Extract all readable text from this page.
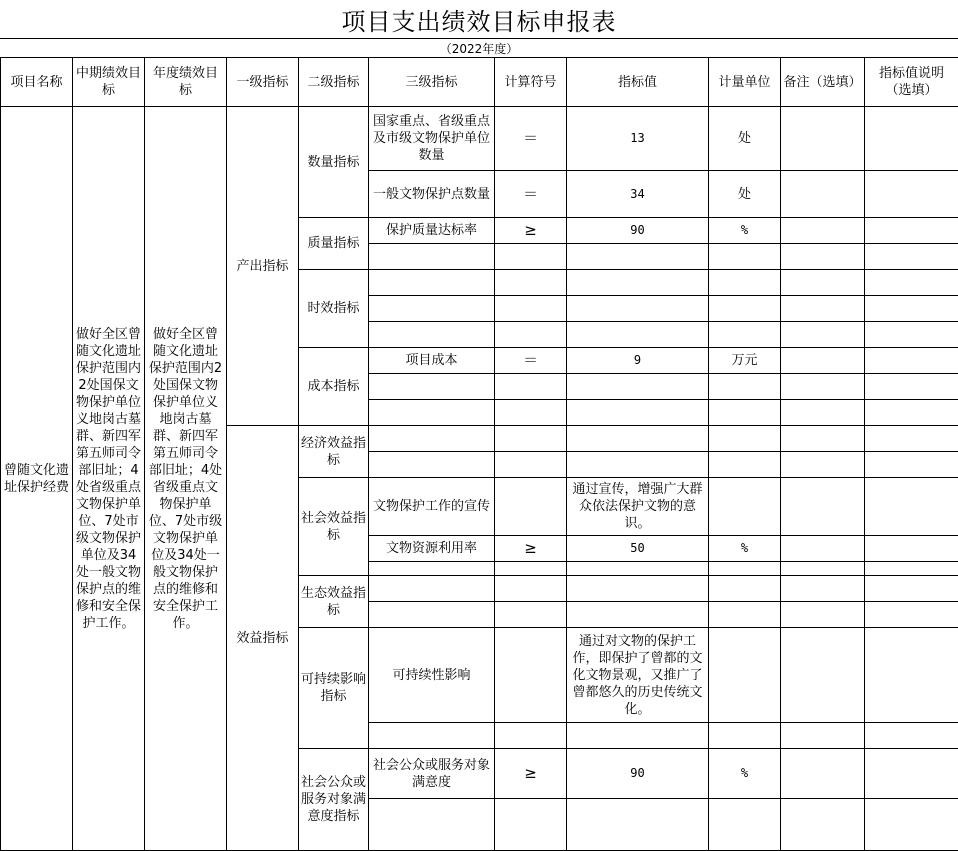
项目支出绩效目标申报表
（2022年度）
项目名称	中期绩效目标	年度绩效目标	一级指标	二级指标	三级指标	计算符号	指标值	计量单位	备注（选填）	指标值说明（选填）
曾随文化遗址保护经费	做好全区曾随文化遗址保护范围内2处国保文物保护单位义地岗古墓群、新四军第五师司令部旧址；4处省级重点文物保护单位、7处市级文物保护单位及34处一般文物保护点的维修和安全保护工作。	做好全区曾随文化遗址保护范围内2处国保文物保护单位义地岗古墓群、新四军第五师司令部旧址；4处省级重点文物保护单位、7处市级文物保护单位及34处一般文物保护点的维修和安全保护工作。	产出指标	数量指标	国家重点、省级重点及市级文物保护单位数量	＝	13	处		
					一般文物保护点数量	＝	34	处		
				质量指标	保护质量达标率	≥	90	%		

				时效指标						

				成本指标	项目成本	＝	9	万元		

			效益指标	经济效益指标						

				社会效益指标	文物保护工作的宣传		通过宣传，增强广大群众依法保护文物的意识。			
					文物资源利用率	≥	50	%		

				生态效益指标						

				可持续影响指标	可持续性影响		通过对文物的保护工作，即保护了曾都的文化文物景观，又推广了曾都悠久的历史传统文化。			

				社会公众或服务对象满意度指标	社会公众或服务对象满意度	≥	90	%		
